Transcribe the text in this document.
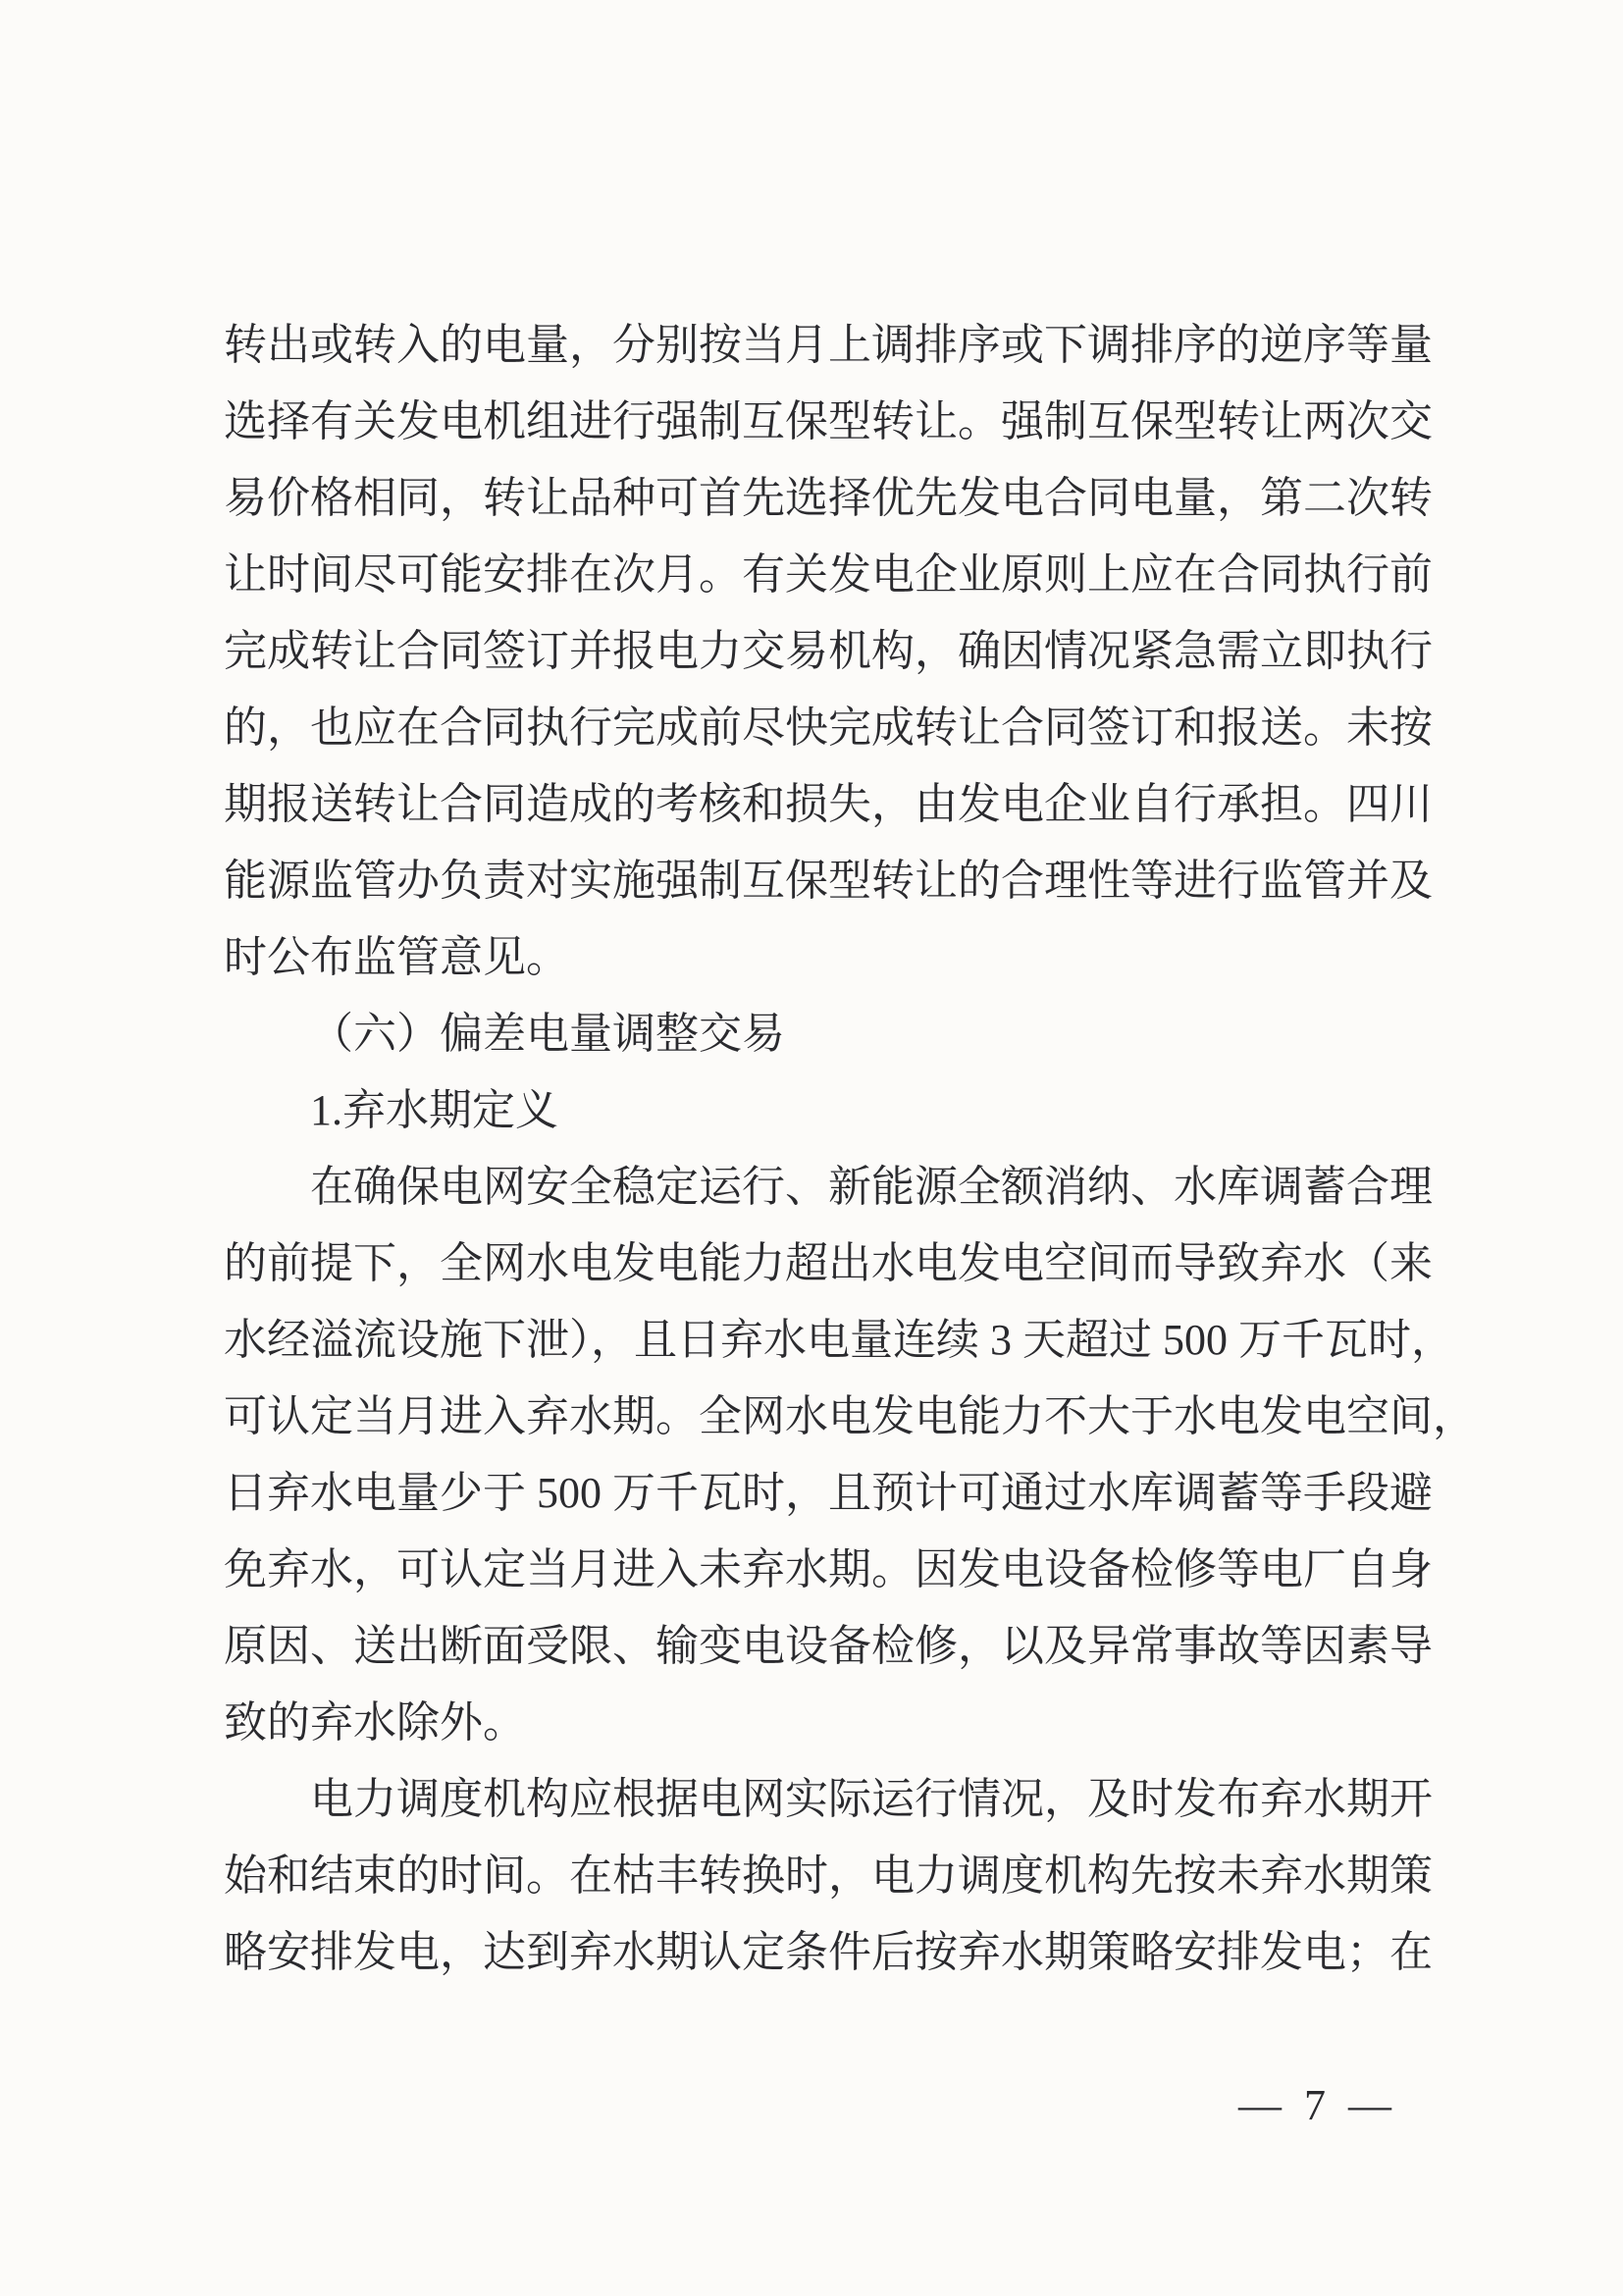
转出或转入的电量，分别按当月上调排序或下调排序的逆序等量
选择有关发电机组进行强制互保型转让。强制互保型转让两次交
易价格相同，转让品种可首先选择优先发电合同电量，第二次转
让时间尽可能安排在次月。有关发电企业原则上应在合同执行前
完成转让合同签订并报电力交易机构，确因情况紧急需立即执行
的，也应在合同执行完成前尽快完成转让合同签订和报送。未按
期报送转让合同造成的考核和损失，由发电企业自行承担。四川
能源监管办负责对实施强制互保型转让的合理性等进行监管并及
时公布监管意见。
（六）偏差电量调整交易
1.弃水期定义
在确保电网安全稳定运行、新能源全额消纳、水库调蓄合理
的前提下，全网水电发电能力超出水电发电空间而导致弃水（来
水经溢流设施下泄），且日弃水电量连续 3 天超过 500 万千瓦时，
可认定当月进入弃水期。全网水电发电能力不大于水电发电空间，
日弃水电量少于 500 万千瓦时，且预计可通过水库调蓄等手段避
免弃水，可认定当月进入未弃水期。因发电设备检修等电厂自身
原因、送出断面受限、输变电设备检修，以及异常事故等因素导
致的弃水除外。
电力调度机构应根据电网实际运行情况，及时发布弃水期开
始和结束的时间。在枯丰转换时，电力调度机构先按未弃水期策
略安排发电，达到弃水期认定条件后按弃水期策略安排发电；在
— 7 —
